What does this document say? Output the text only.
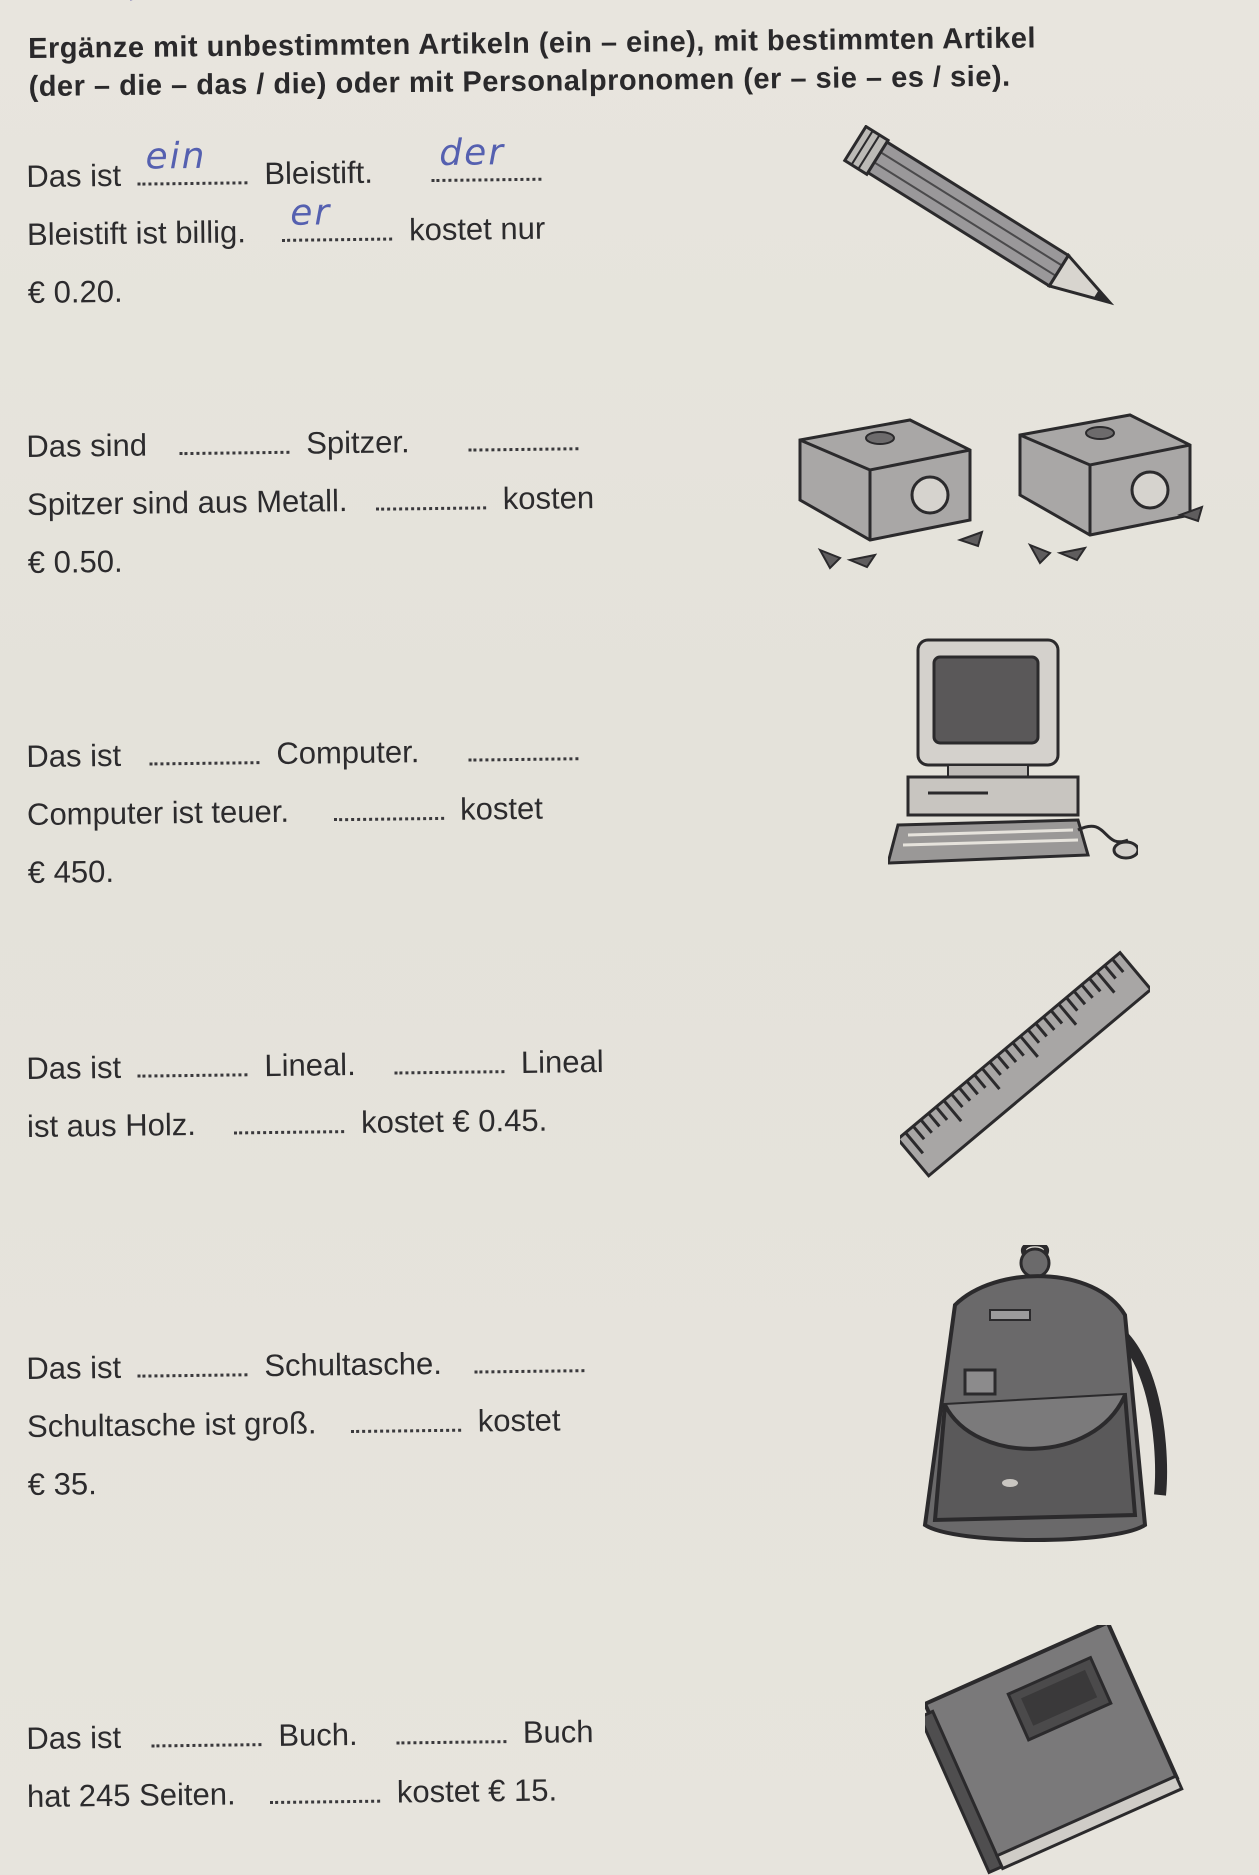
Ergänze mit unbestimmten Artikeln (ein – eine), mit bestimmten Artikel
(der – die – das / die) oder mit Personalpronomen (er – sie – es / sie).
Das ist ein Bleistift. der
Bleistift ist billig. er kostet nur
€ 0.20.
Das sind	Spitzer.
Spitzer sind aus Metall.	kosten
€ 0.50.
Das ist	Computer.
Computer ist teuer.	kostet
€ 450.
Das ist	Lineal.	Lineal
ist aus Holz.	kostet € 0.45.
Das ist	Schultasche.
Schultasche ist groß.	kostet
€ 35.
Das ist	Buch.	Buch
hat 245 Seiten.	kostet € 15.
